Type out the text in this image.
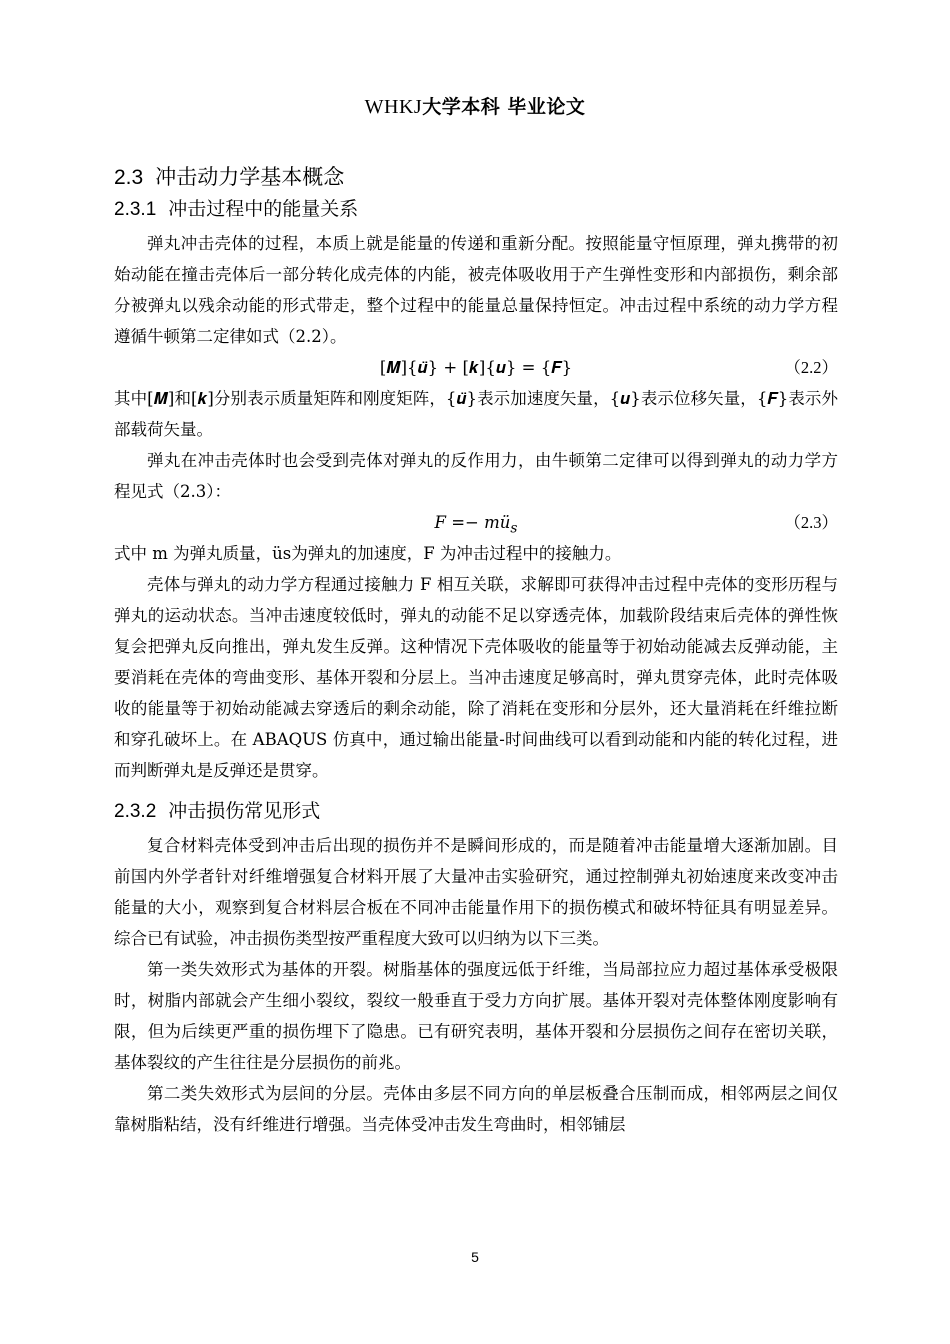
WHKJ大学本科 毕业论文
2.3 冲击动力学基本概念
2.3.1 冲击过程中的能量关系

弹丸冲击壳体的过程，本质上就是能量的传递和重新分配。按照能量守恒原理，弹丸携带的初始动能在撞击壳体后一部分转化成壳体的内能，被壳体吸收用于产生弹性变形和内部损伤，剩余部分被弹丸以残余动能的形式带走，整个过程中的能量总量保持恒定。冲击过程中系统的动力学方程遵循牛顿第二定律如式（2.2）。

[𝑴]{𝒖̈} + [𝒌]{𝒖} = {𝑭}	（2.2）

其中[𝑴]和[𝒌]分别表示质量矩阵和刚度矩阵，{𝒖̈}表示加速度矢量，{𝒖}表示位移矢量，{𝑭}表示外部载荷矢量。

弹丸在冲击壳体时也会受到壳体对弹丸的反作用力，由牛顿第二定律可以得到弹丸的动力学方程见式（2.3）：

$F =- mü_s$	（2.3）

式中 m 为弹丸质量，üs为弹丸的加速度，F 为冲击过程中的接触力。

壳体与弹丸的动力学方程通过接触力 F 相互关联，求解即可获得冲击过程中壳体的变形历程与弹丸的运动状态。当冲击速度较低时，弹丸的动能不足以穿透壳体，加载阶段结束后壳体的弹性恢复会把弹丸反向推出，弹丸发生反弹。这种情况下壳体吸收的能量等于初始动能减去反弹动能，主要消耗在壳体的弯曲变形、基体开裂和分层上。当冲击速度足够高时，弹丸贯穿壳体，此时壳体吸收的能量等于初始动能减去穿透后的剩余动能，除了消耗在变形和分层外，还大量消耗在纤维拉断和穿孔破坏上。在 ABAQUS 仿真中，通过输出能量-时间曲线可以看到动能和内能的转化过程，进而判断弹丸是反弹还是贯穿。

2.3.2 冲击损伤常见形式

复合材料壳体受到冲击后出现的损伤并不是瞬间形成的，而是随着冲击能量增大逐渐加剧。目前国内外学者针对纤维增强复合材料开展了大量冲击实验研究，通过控制弹丸初始速度来改变冲击能量的大小，观察到复合材料层合板在不同冲击能量作用下的损伤模式和破坏特征具有明显差异。综合已有试验，冲击损伤类型按严重程度大致可以归纳为以下三类。

第一类失效形式为基体的开裂。树脂基体的强度远低于纤维，当局部拉应力超过基体承受极限时，树脂内部就会产生细小裂纹，裂纹一般垂直于受力方向扩展。基体开裂对壳体整体刚度影响有限，但为后续更严重的损伤埋下了隐患。已有研究表明，基体开裂和分层损伤之间存在密切关联，基体裂纹的产生往往是分层损伤的前兆。

第二类失效形式为层间的分层。壳体由多层不同方向的单层板叠合压制而成，相邻两层之间仅靠树脂粘结，没有纤维进行增强。当壳体受冲击发生弯曲时，相邻铺层

5
